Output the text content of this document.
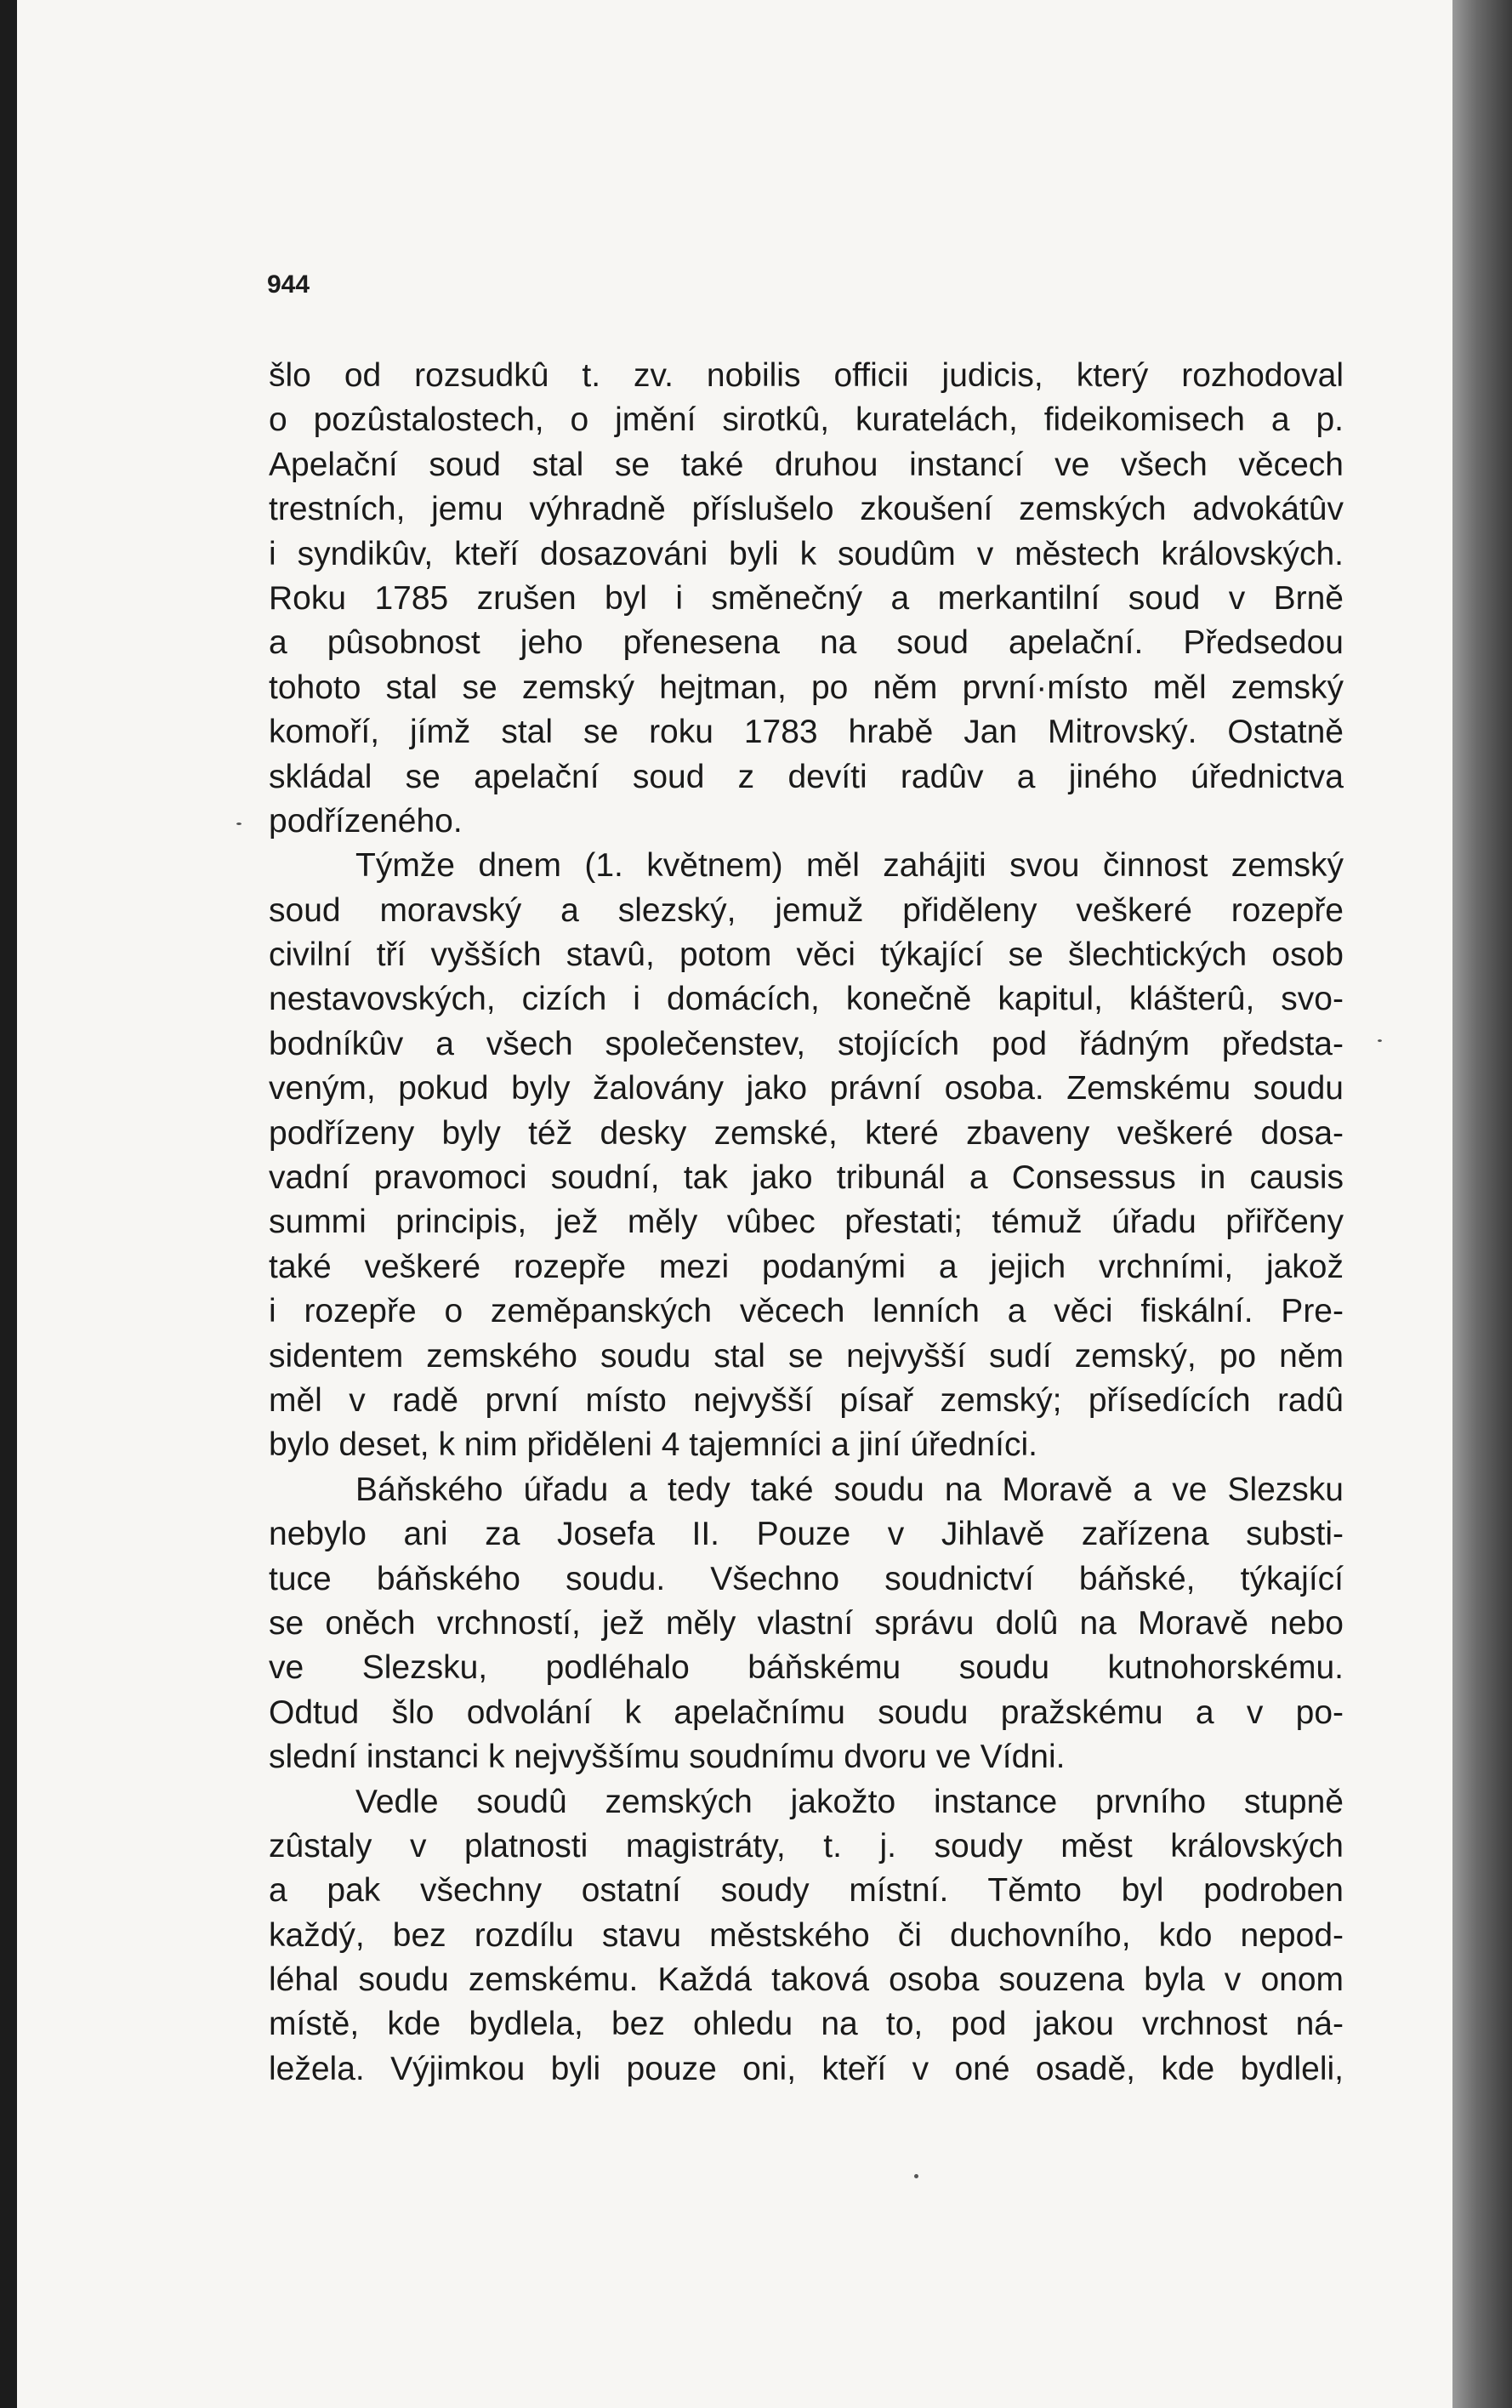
944

šlo od rozsudkû t. zv. nobilis officii judicis, který rozhodoval
o pozûstalostech, o jmění sirotkû, kuratelách, fideikomisech a p.
Apelační soud stal se také druhou instancí ve všech věcech
trestních, jemu výhradně příslušelo zkoušení zemských advokátûv
i syndikûv, kteří dosazováni byli k soudûm v městech královských.
Roku 1785 zrušen byl i směnečný a merkantilní soud v Brně
a pûsobnost jeho přenesena na soud apelační. Předsedou
tohoto stal se zemský hejtman, po něm první·místo měl zemský
komoří, jímž stal se roku 1783 hrabě Jan Mitrovský. Ostatně
skládal se apelační soud z devíti radûv a jiného úřednictva
podřízeného.
Týmže dnem (1. květnem) měl zahájiti svou činnost zemský
soud moravský a slezský, jemuž přiděleny veškeré rozepře
civilní tří vyšších stavû, potom věci týkající se šlechtických osob
nestavovských, cizích i domácích, konečně kapitul, klášterû, svo-
bodníkûv a všech společenstev, stojících pod řádným předsta-
veným, pokud byly žalovány jako právní osoba. Zemskému soudu
podřízeny byly též desky zemské, které zbaveny veškeré dosa-
vadní pravomoci soudní, tak jako tribunál a Consessus in causis
summi principis, jež měly vûbec přestati; témuž úřadu přiřčeny
také veškeré rozepře mezi podanými a jejich vrchními, jakož
i rozepře o zeměpanských věcech lenních a věci fiskální. Pre-
sidentem zemského soudu stal se nejvyšší sudí zemský, po něm
měl v radě první místo nejvyšší písař zemský; přísedících radû
bylo deset, k nim přiděleni 4 tajemníci a jiní úředníci.
Báňského úřadu a tedy také soudu na Moravě a ve Slezsku
nebylo ani za Josefa II. Pouze v Jihlavě zařízena substi-
tuce báňského soudu. Všechno soudnictví báňské, týkající
se oněch vrchností, jež měly vlastní správu dolû na Moravě nebo
ve Slezsku, podléhalo báňskému soudu kutnohorskému.
Odtud šlo odvolání k apelačnímu soudu pražskému a v po-
slední instanci k nejvyššímu soudnímu dvoru ve Vídni.
Vedle soudû zemských jakožto instance prvního stupně
zûstaly v platnosti magistráty, t. j. soudy měst královských
a pak všechny ostatní soudy místní. Těmto byl podroben
každý, bez rozdílu stavu městského či duchovního, kdo nepod-
léhal soudu zemskému. Každá taková osoba souzena byla v onom
místě, kde bydlela, bez ohledu na to, pod jakou vrchnost ná-
ležela. Výjimkou byli pouze oni, kteří v oné osadě, kde bydleli,
